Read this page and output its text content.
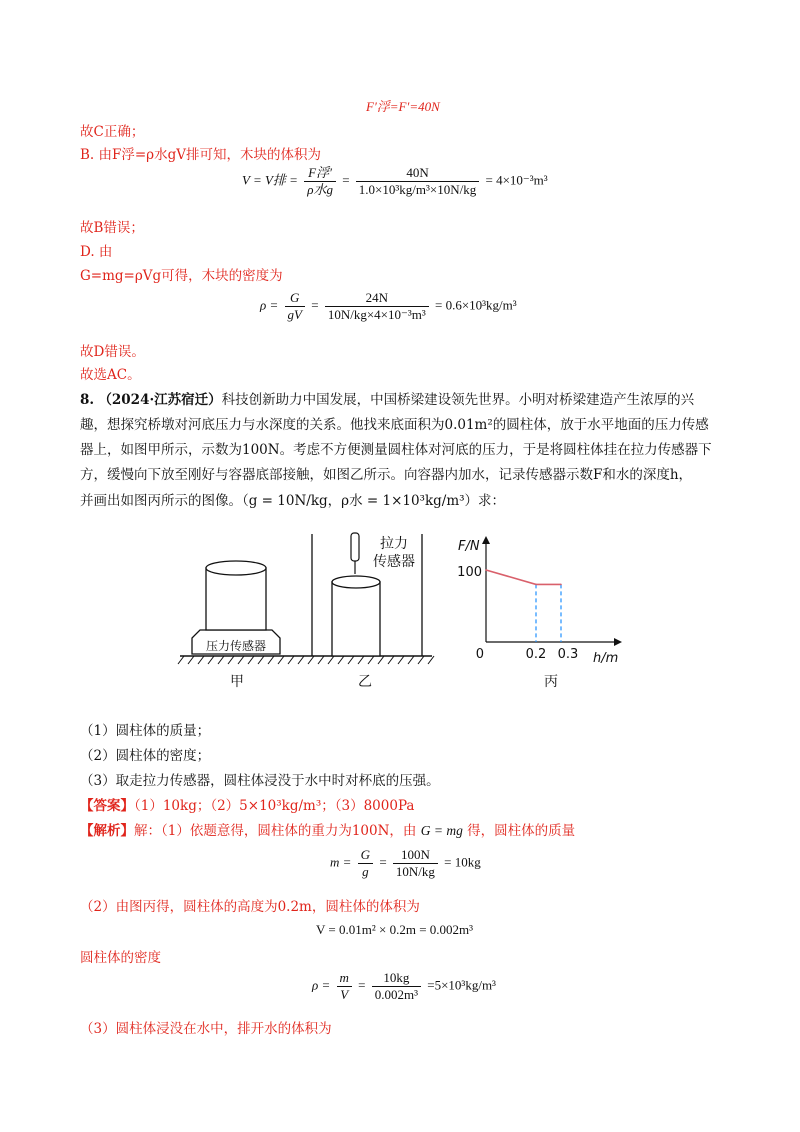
F′浮=F′=40N
故C正确；
B. 由F浮=ρ水gV排可知，木块的体积为
V = V排 = $\frac{\text{F浮′}}{\text{ρ水g}} = \frac{40N}{\text{1.0×10³kg/m³×10N/kg}} = 4\times 10^{-3}m^3$
故B错误；
D. 由
G=mg=ρVg可得，木块的密度为
$\rho = \frac{G}{gV} = \frac{24N}{\text{10N/kg×4×10⁻³m³}} = 0.6\times 10^3kg/m^3$
故D错误。
故选AC。
8. （2024·江苏宿迁）科技创新助力中国发展，中国桥梁建设领先世界。小明对桥梁建造产生浓厚的兴
趣，想探究桥墩对河底压力与水深度的关系。他找来底面积为0.01m²的圆柱体，放于水平地面的压力传感
器上，如图甲所示，示数为100N。考虑不方便测量圆柱体对河底的压力，于是将圆柱体挂在拉力传感器下
方，缓慢向下放至刚好与容器底部接触，如图乙所示。向容器内加水，记录传感器示数F和水的深度h，
并画出如图丙所示的图像。（g = 10N/kg，ρ水 = 1×10³kg/m³）求：
压力传感器
甲
拉力
传感器
乙
F/N
h/m
0
100
0.2 0.3
丙
（1）圆柱体的质量；
（2）圆柱体的密度；
（3）取走拉力传感器，圆柱体浸没于水中时对杯底的压强。
【答案】（1）10kg；（2）5×10³kg/m³；（3）8000Pa
【解析】解：（1）依题意得，圆柱体的重力为100N，由 G = mg 得，圆柱体的质量
$m = \frac{G}{g} = \frac{100N}{10N/kg} = 10kg$
（2）由图丙得，圆柱体的高度为0.2m，圆柱体的体积为
V = 0.01m² × 0.2m = 0.002m³
圆柱体的密度
$\rho = \frac{m}{V} = \frac{10kg}{\text{0.002m³}} =5\times 10^3kg/m^3$
（3）圆柱体浸没在水中，排开水的体积为
